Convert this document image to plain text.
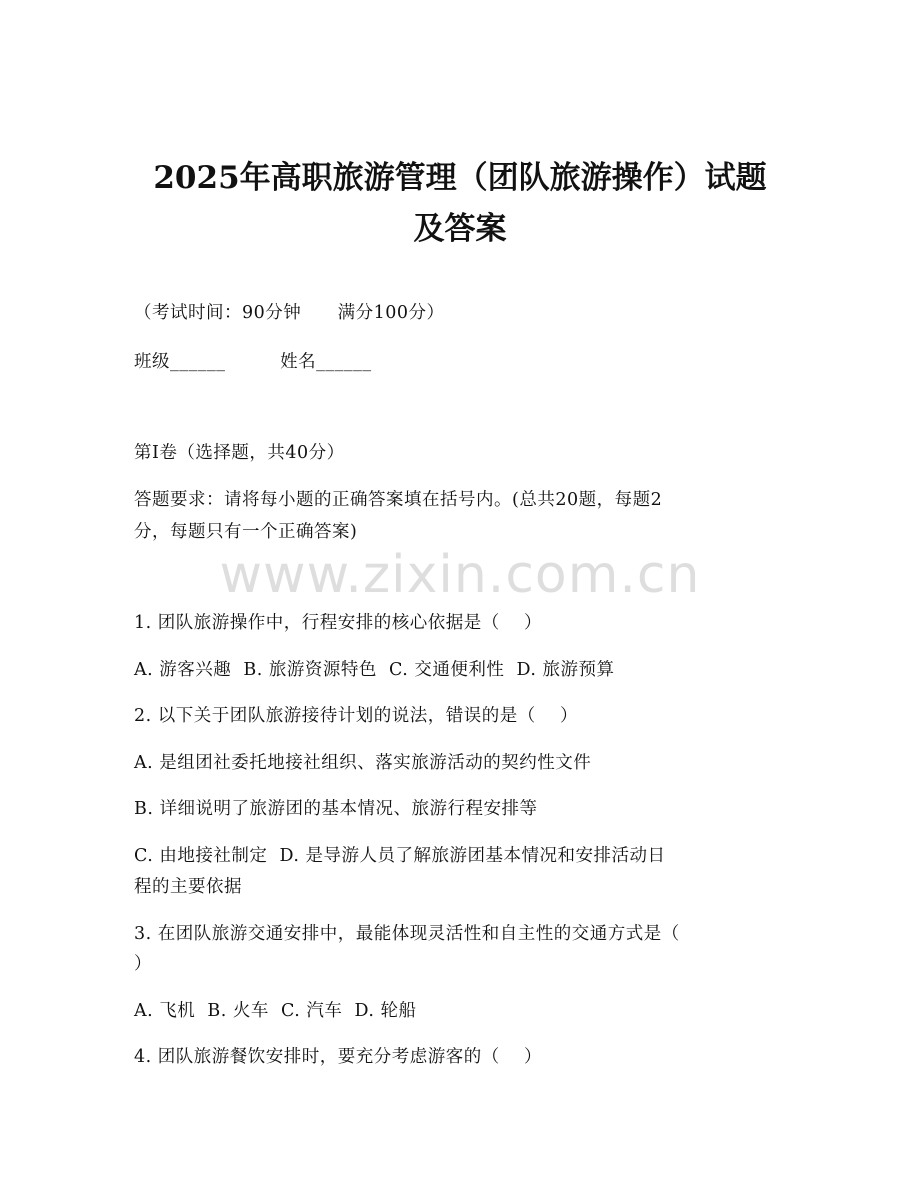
2025年高职旅游管理（团队旅游操作）试题
及答案
（考试时间：90分钟      满分100分）
班级______         姓名______
第I卷（选择题，共40分）
答题要求：请将每小题的正确答案填在括号内。(总共20题，每题2
分，每题只有一个正确答案)
1. 团队旅游操作中，行程安排的核心依据是（    ）
A. 游客兴趣  B. 旅游资源特色  C. 交通便利性  D. 旅游预算
2. 以下关于团队旅游接待计划的说法，错误的是（    ）
A. 是组团社委托地接社组织、落实旅游活动的契约性文件
B. 详细说明了旅游团的基本情况、旅游行程安排等
C. 由地接社制定  D. 是导游人员了解旅游团基本情况和安排活动日
程的主要依据
3. 在团队旅游交通安排中，最能体现灵活性和自主性的交通方式是（
）
A. 飞机  B. 火车  C. 汽车  D. 轮船
4. 团队旅游餐饮安排时，要充分考虑游客的（    ）
www.zixin.com.cn
